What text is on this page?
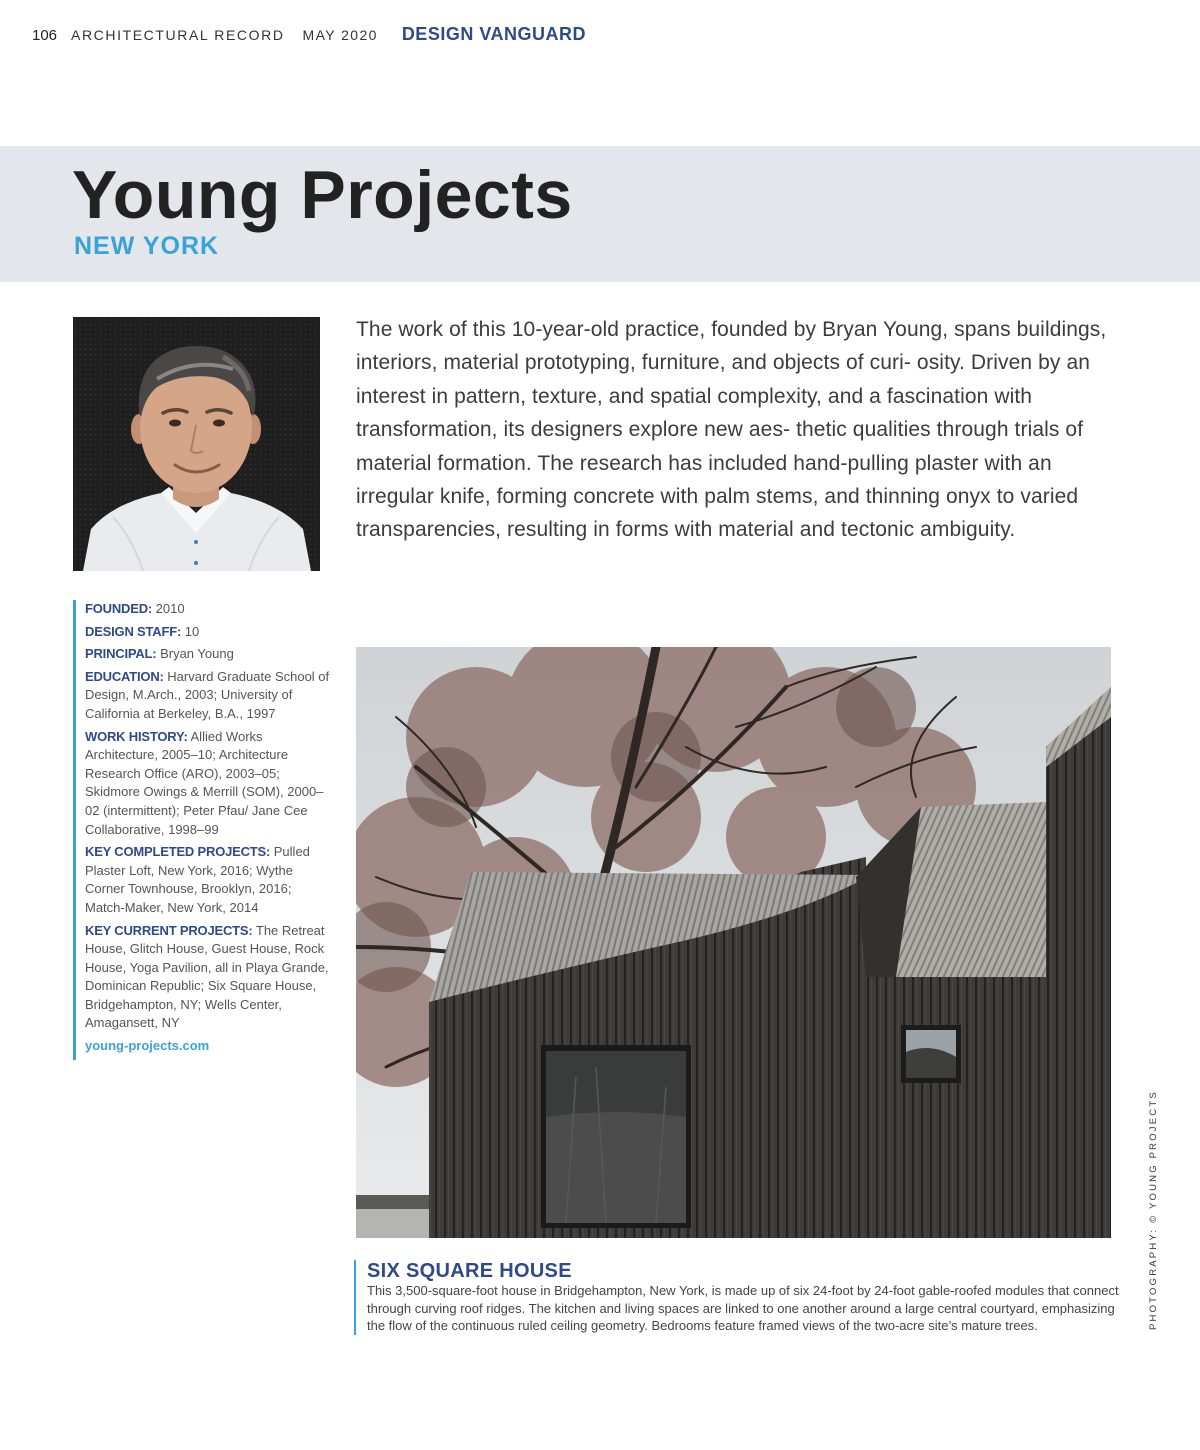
106 ARCHITECTURAL RECORD MAY 2020 DESIGN VANGUARD
Young Projects
NEW YORK

The work of this 10-year-old practice, founded by Bryan Young, spans buildings, interiors, material prototyping, furniture, and objects of curi- osity. Driven by an interest in pattern, texture, and spatial complexity, and a fascination with transformation, its designers explore new aes- thetic qualities through trials of material formation. The research has included hand-pulling plaster with an irregular knife, forming concrete with palm stems, and thinning onyx to varied transparencies, resulting in forms with material and tectonic ambiguity.

FOUNDED: 2010

DESIGN STAFF: 10

PRINCIPAL: Bryan Young

EDUCATION: Harvard Graduate School of Design, M.Arch., 2003; University of California at Berkeley, B.A., 1997

WORK HISTORY: Allied Works Architecture, 2005–10; Architecture Research Office (ARO), 2003–05; Skidmore Owings & Merrill (SOM), 2000–02 (intermittent); Peter Pfau/ Jane Cee Collaborative, 1998–99

KEY COMPLETED PROJECTS: Pulled Plaster Loft, New York, 2016; Wythe Corner Townhouse, Brooklyn, 2016; Match-Maker, New York, 2014

KEY CURRENT PROJECTS: The Retreat House, Glitch House, Guest House, Rock House, Yoga Pavilion, all in Playa Grande, Dominican Republic; Six Square House, Bridgehampton, NY; Wells Center, Amagansett, NY

young-projects.com

SIX SQUARE HOUSE

This 3,500-square-foot house in Bridgehampton, New York, is made up of six 24-foot by 24-foot gable-roofed modules that connect through curving roof ridges. The kitchen and living spaces are linked to one another around a large central courtyard, emphasizing the flow of the continuous ruled ceiling geometry. Bedrooms feature framed views of the two-acre site’s mature trees.	PHOTOGRAPHY: © YOUNG PROJECTS
